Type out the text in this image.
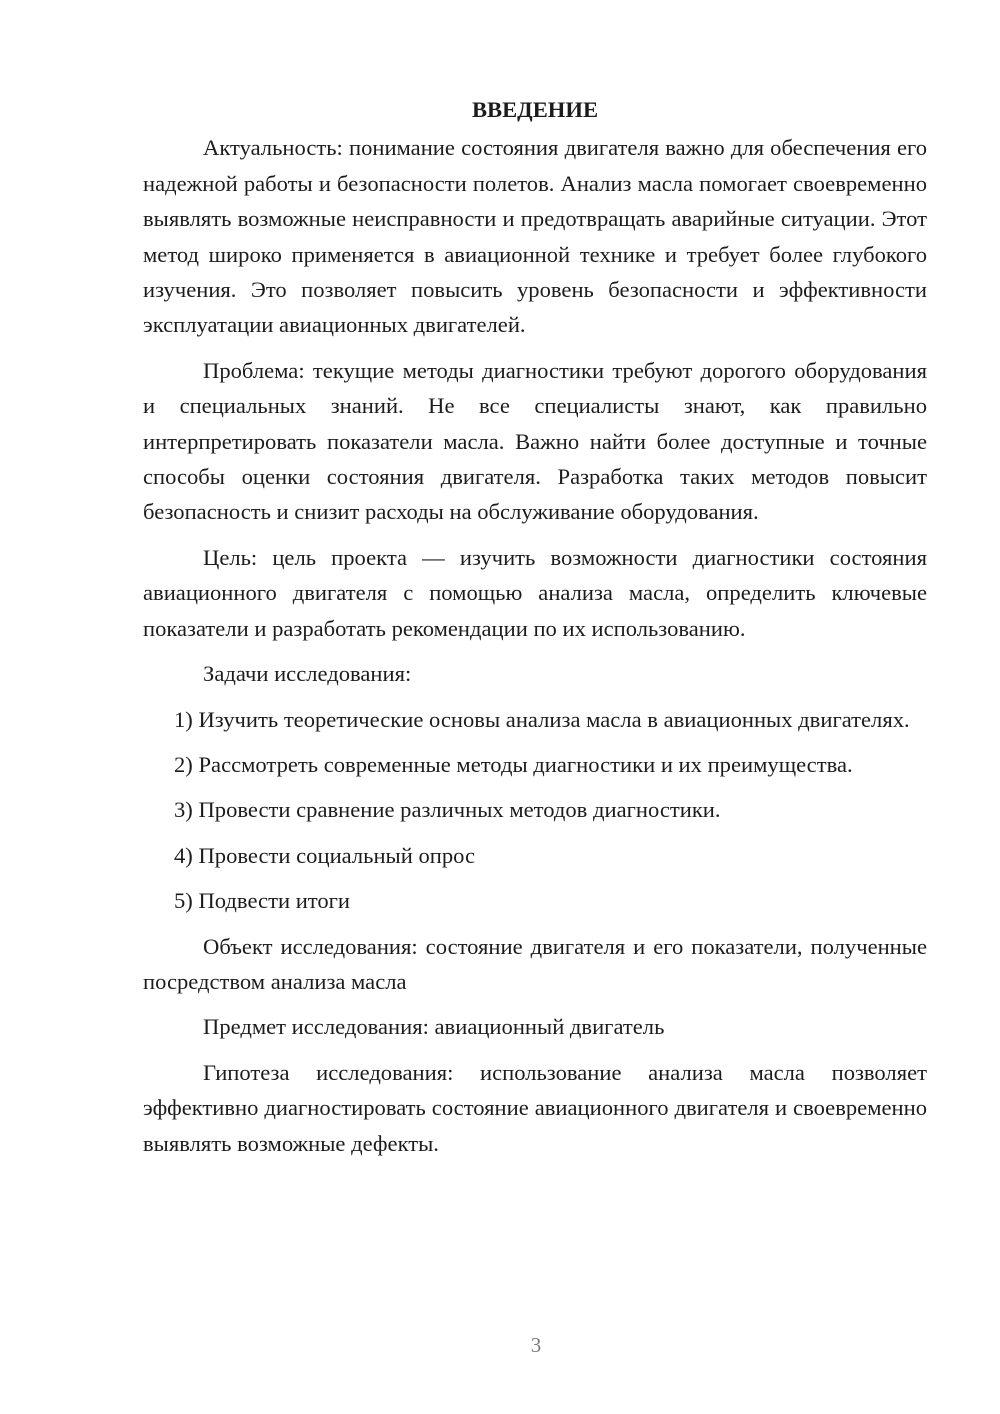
ВВЕДЕНИЕ

Актуальность: понимание состояния двигателя важно для обеспечения его надежной работы и безопасности полетов. Анализ масла помогает своевременно выявлять возможные неисправности и предотвращать аварийные ситуации. Этот метод широко применяется в авиационной технике и требует более глубокого изучения. Это позволяет повысить уровень безопасности и эффективности эксплуатации авиационных двигателей.

Проблема: текущие методы диагностики требуют дорогого оборудования и специальных знаний. Не все специалисты знают, как правильно интерпретировать показатели масла. Важно найти более доступные и точные способы оценки состояния двигателя. Разработка таких методов повысит безопасность и снизит расходы на обслуживание оборудования.

Цель: цель проекта — изучить возможности диагностики состояния авиационного двигателя с помощью анализа масла, определить ключевые показатели и разработать рекомендации по их использованию.

Задачи исследования:

1) Изучить теоретические основы анализа масла в авиационных двигателях.

2) Рассмотреть современные методы диагностики и их преимущества.

3) Провести сравнение различных методов диагностики.

4) Провести социальный опрос

5) Подвести итоги

Объект исследования: состояние двигателя и его показатели, полученные посредством анализа масла

Предмет исследования: авиационный двигатель

Гипотеза исследования: использование анализа масла позволяет эффективно диагностировать состояние авиационного двигателя и своевременно выявлять возможные дефекты.

3
